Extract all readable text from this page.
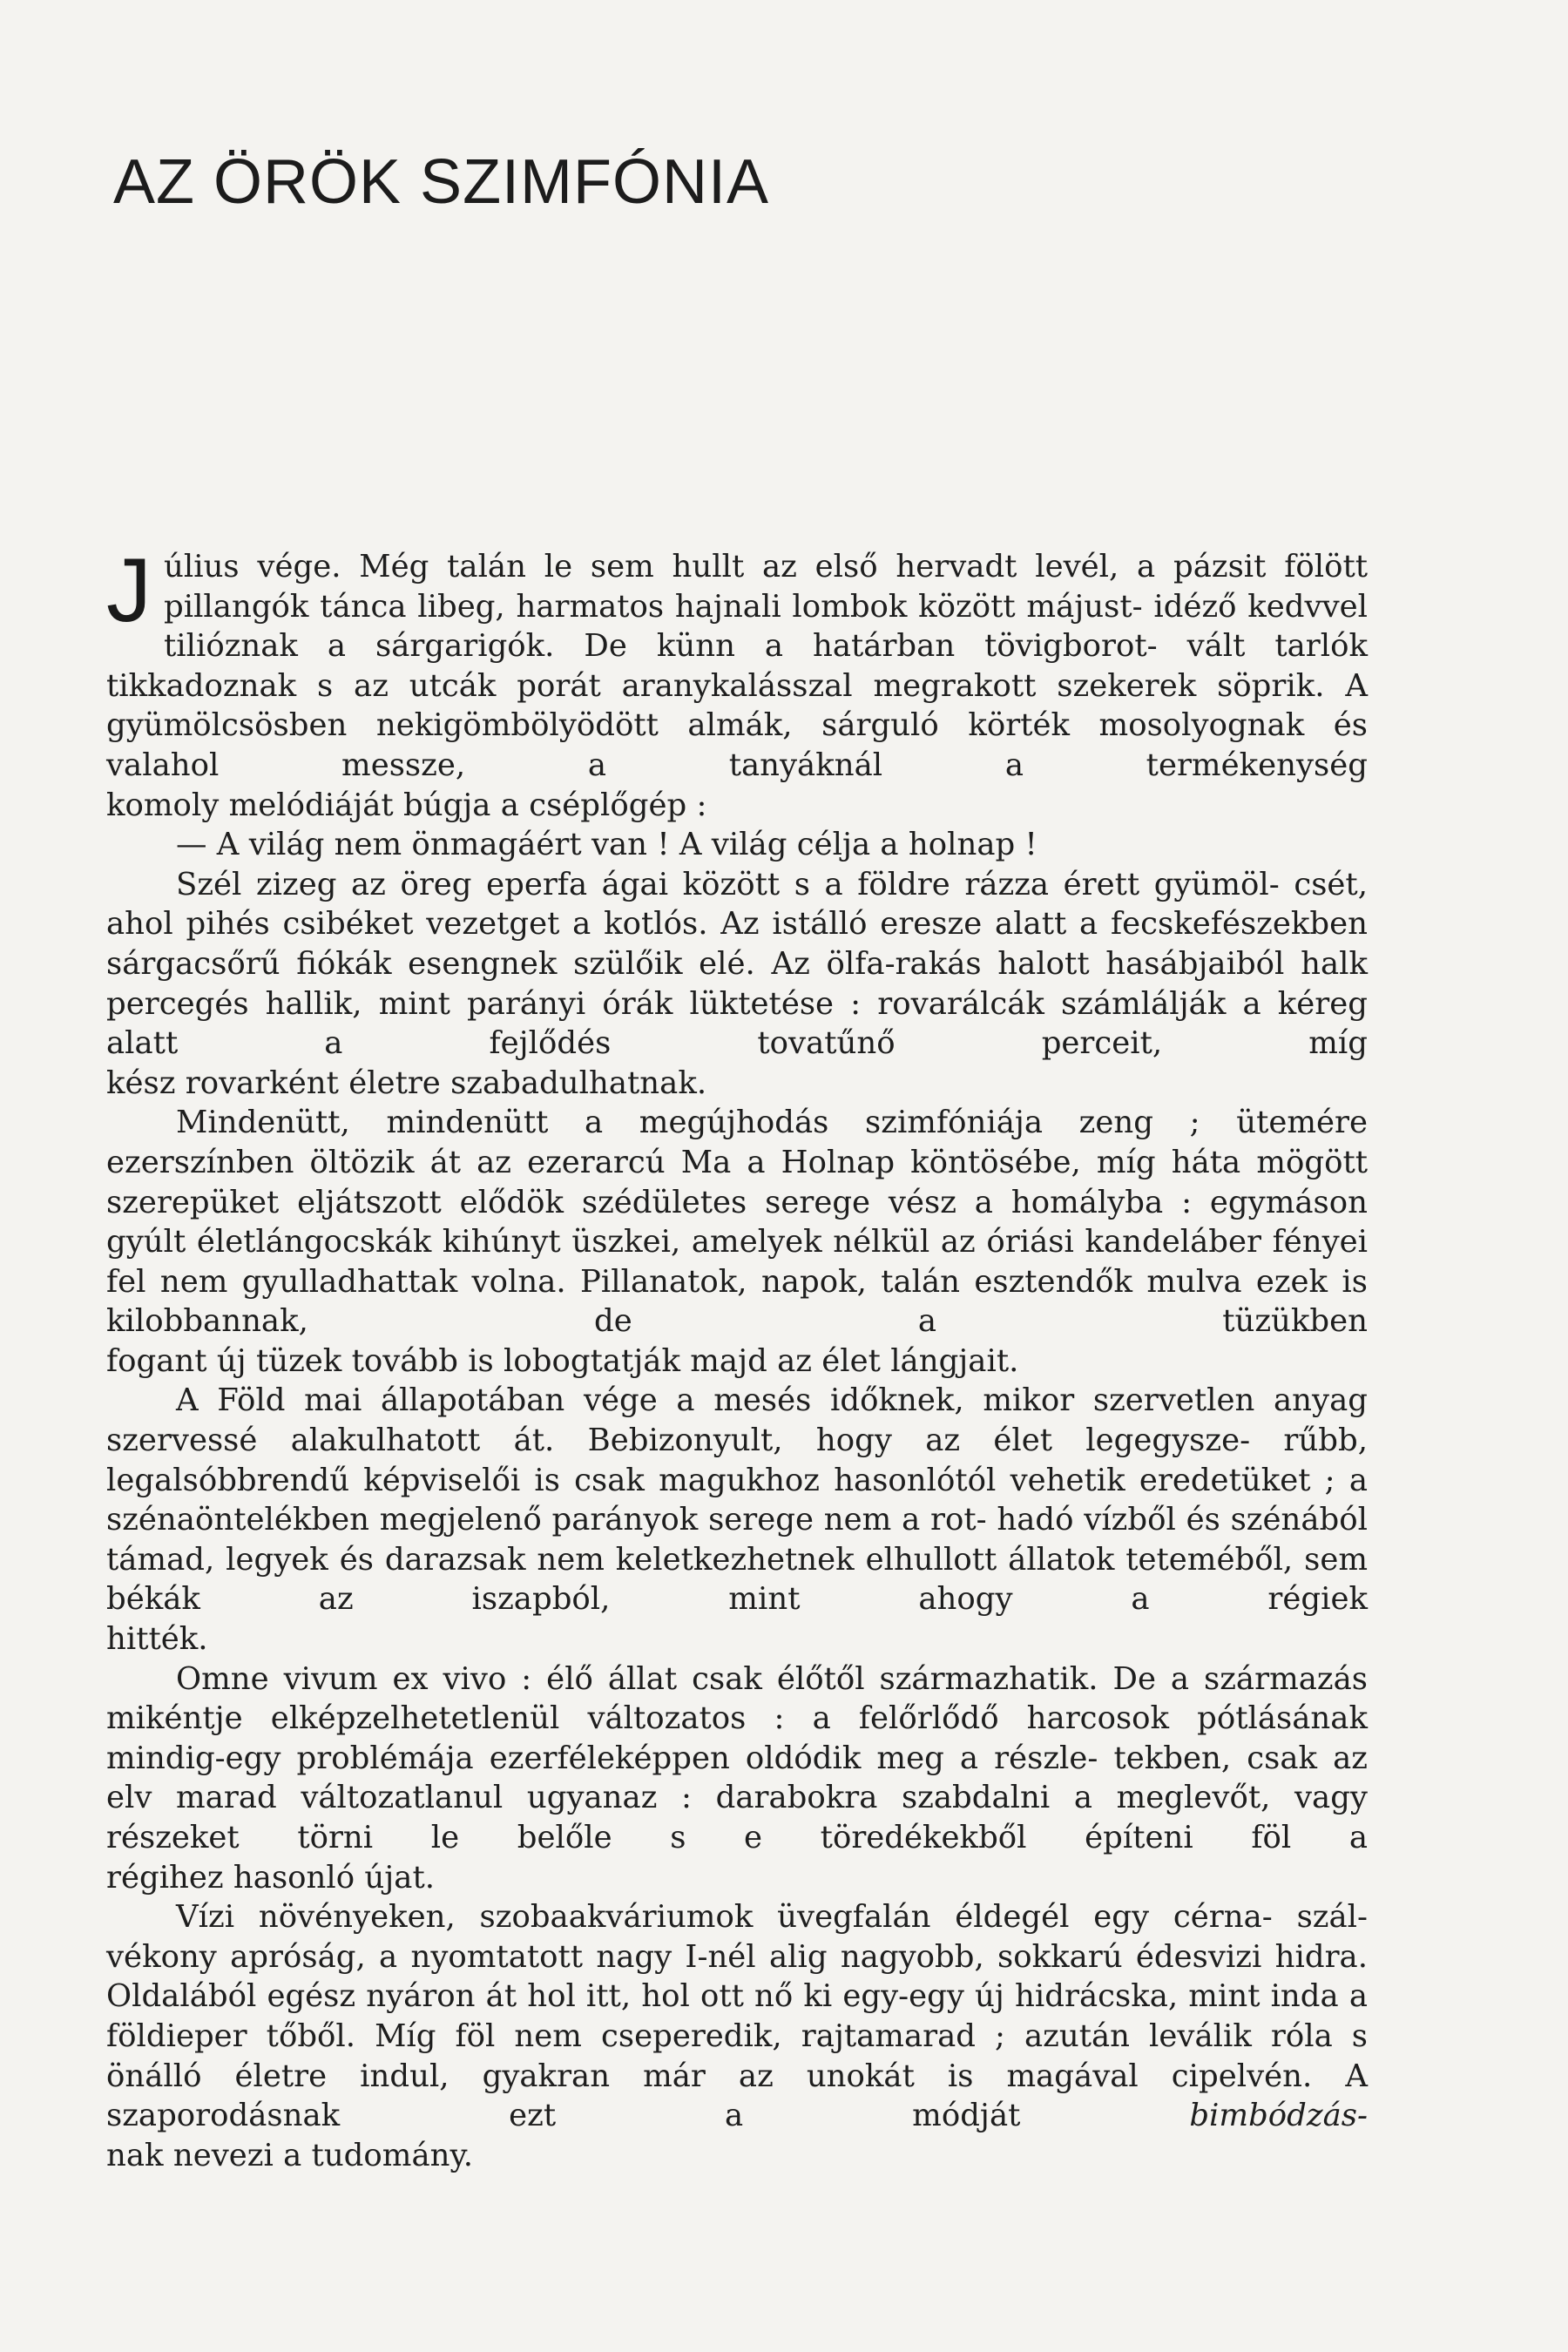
AZ ÖRÖK SZIMFÓNIA

J úlius vége. Még talán le sem hullt az első hervadt levél, a pázsit fölött pillangók tánca libeg, harmatos hajnali lombok között májust- idéző kedvvel tilióznak a sárgarigók. De künn a határban tövigborot- vált tarlók tikkadoznak s az utcák porát aranykalásszal megrakott szekerek söprik. A gyümölcsösben nekigömbölyödött almák, sárguló körték mosolyognak és valahol messze, a tanyáknál a termékenység

komoly melódiáját búgja a cséplőgép :

— A világ nem önmagáért van ! A világ célja a holnap !

Szél zizeg az öreg eperfa ágai között s a földre rázza érett gyümöl- csét, ahol pihés csibéket vezetget a kotlós. Az istálló eresze alatt a fecskefészekben sárgacsőrű fiókák esengnek szülőik elé. Az ölfa-rakás halott hasábjaiból halk percegés hallik, mint parányi órák lüktetése : rovarálcák számlálják a kéreg alatt a fejlődés tovatűnő perceit, míg

kész rovarként életre szabadulhatnak.

Mindenütt, mindenütt a megújhodás szimfóniája zeng ; ütemére ezerszínben öltözik át az ezerarcú Ma a Holnap köntösébe, míg háta mögött szerepüket eljátszott elődök szédületes serege vész a homályba : egymáson gyúlt életlángocskák kihúnyt üszkei, amelyek nélkül az óriási kandeláber fényei fel nem gyulladhattak volna. Pillanatok, napok, talán esztendők mulva ezek is kilobbannak, de a tüzükben

fogant új tüzek tovább is lobogtatják majd az élet lángjait.

A Föld mai állapotában vége a mesés időknek, mikor szervetlen anyag szervessé alakulhatott át. Bebizonyult, hogy az élet legegysze- rűbb, legalsóbbrendű képviselői is csak magukhoz hasonlótól vehetik eredetüket ; a szénaöntelékben megjelenő parányok serege nem a rot- hadó vízből és szénából támad, legyek és darazsak nem keletkezhetnek elhullott állatok teteméből, sem békák az iszapból, mint ahogy a régiek

hitték.

Omne vivum ex vivo : élő állat csak élőtől származhatik. De a származás mikéntje elképzelhetetlenül változatos : a felőrlődő harcosok pótlásának mindig-egy problémája ezerféleképpen oldódik meg a részle- tekben, csak az elv marad változatlanul ugyanaz : darabokra szabdalni a meglevőt, vagy részeket törni le belőle s e töredékekből építeni föl a

régihez hasonló újat.

Vízi növényeken, szobaakváriumok üvegfalán éldegél egy cérna- szál-vékony apróság, a nyomtatott nagy I-nél alig nagyobb, sokkarú édesvizi hidra. Oldalából egész nyáron át hol itt, hol ott nő ki egy-egy új hidrácska, mint inda a földieper tőből. Míg föl nem cseperedik, rajtamarad ; azután leválik róla s önálló életre indul, gyakran már az unokát is magával cipelvén. A szaporodásnak ezt a módját	bimbódzás-

nak nevezi a tudomány.
